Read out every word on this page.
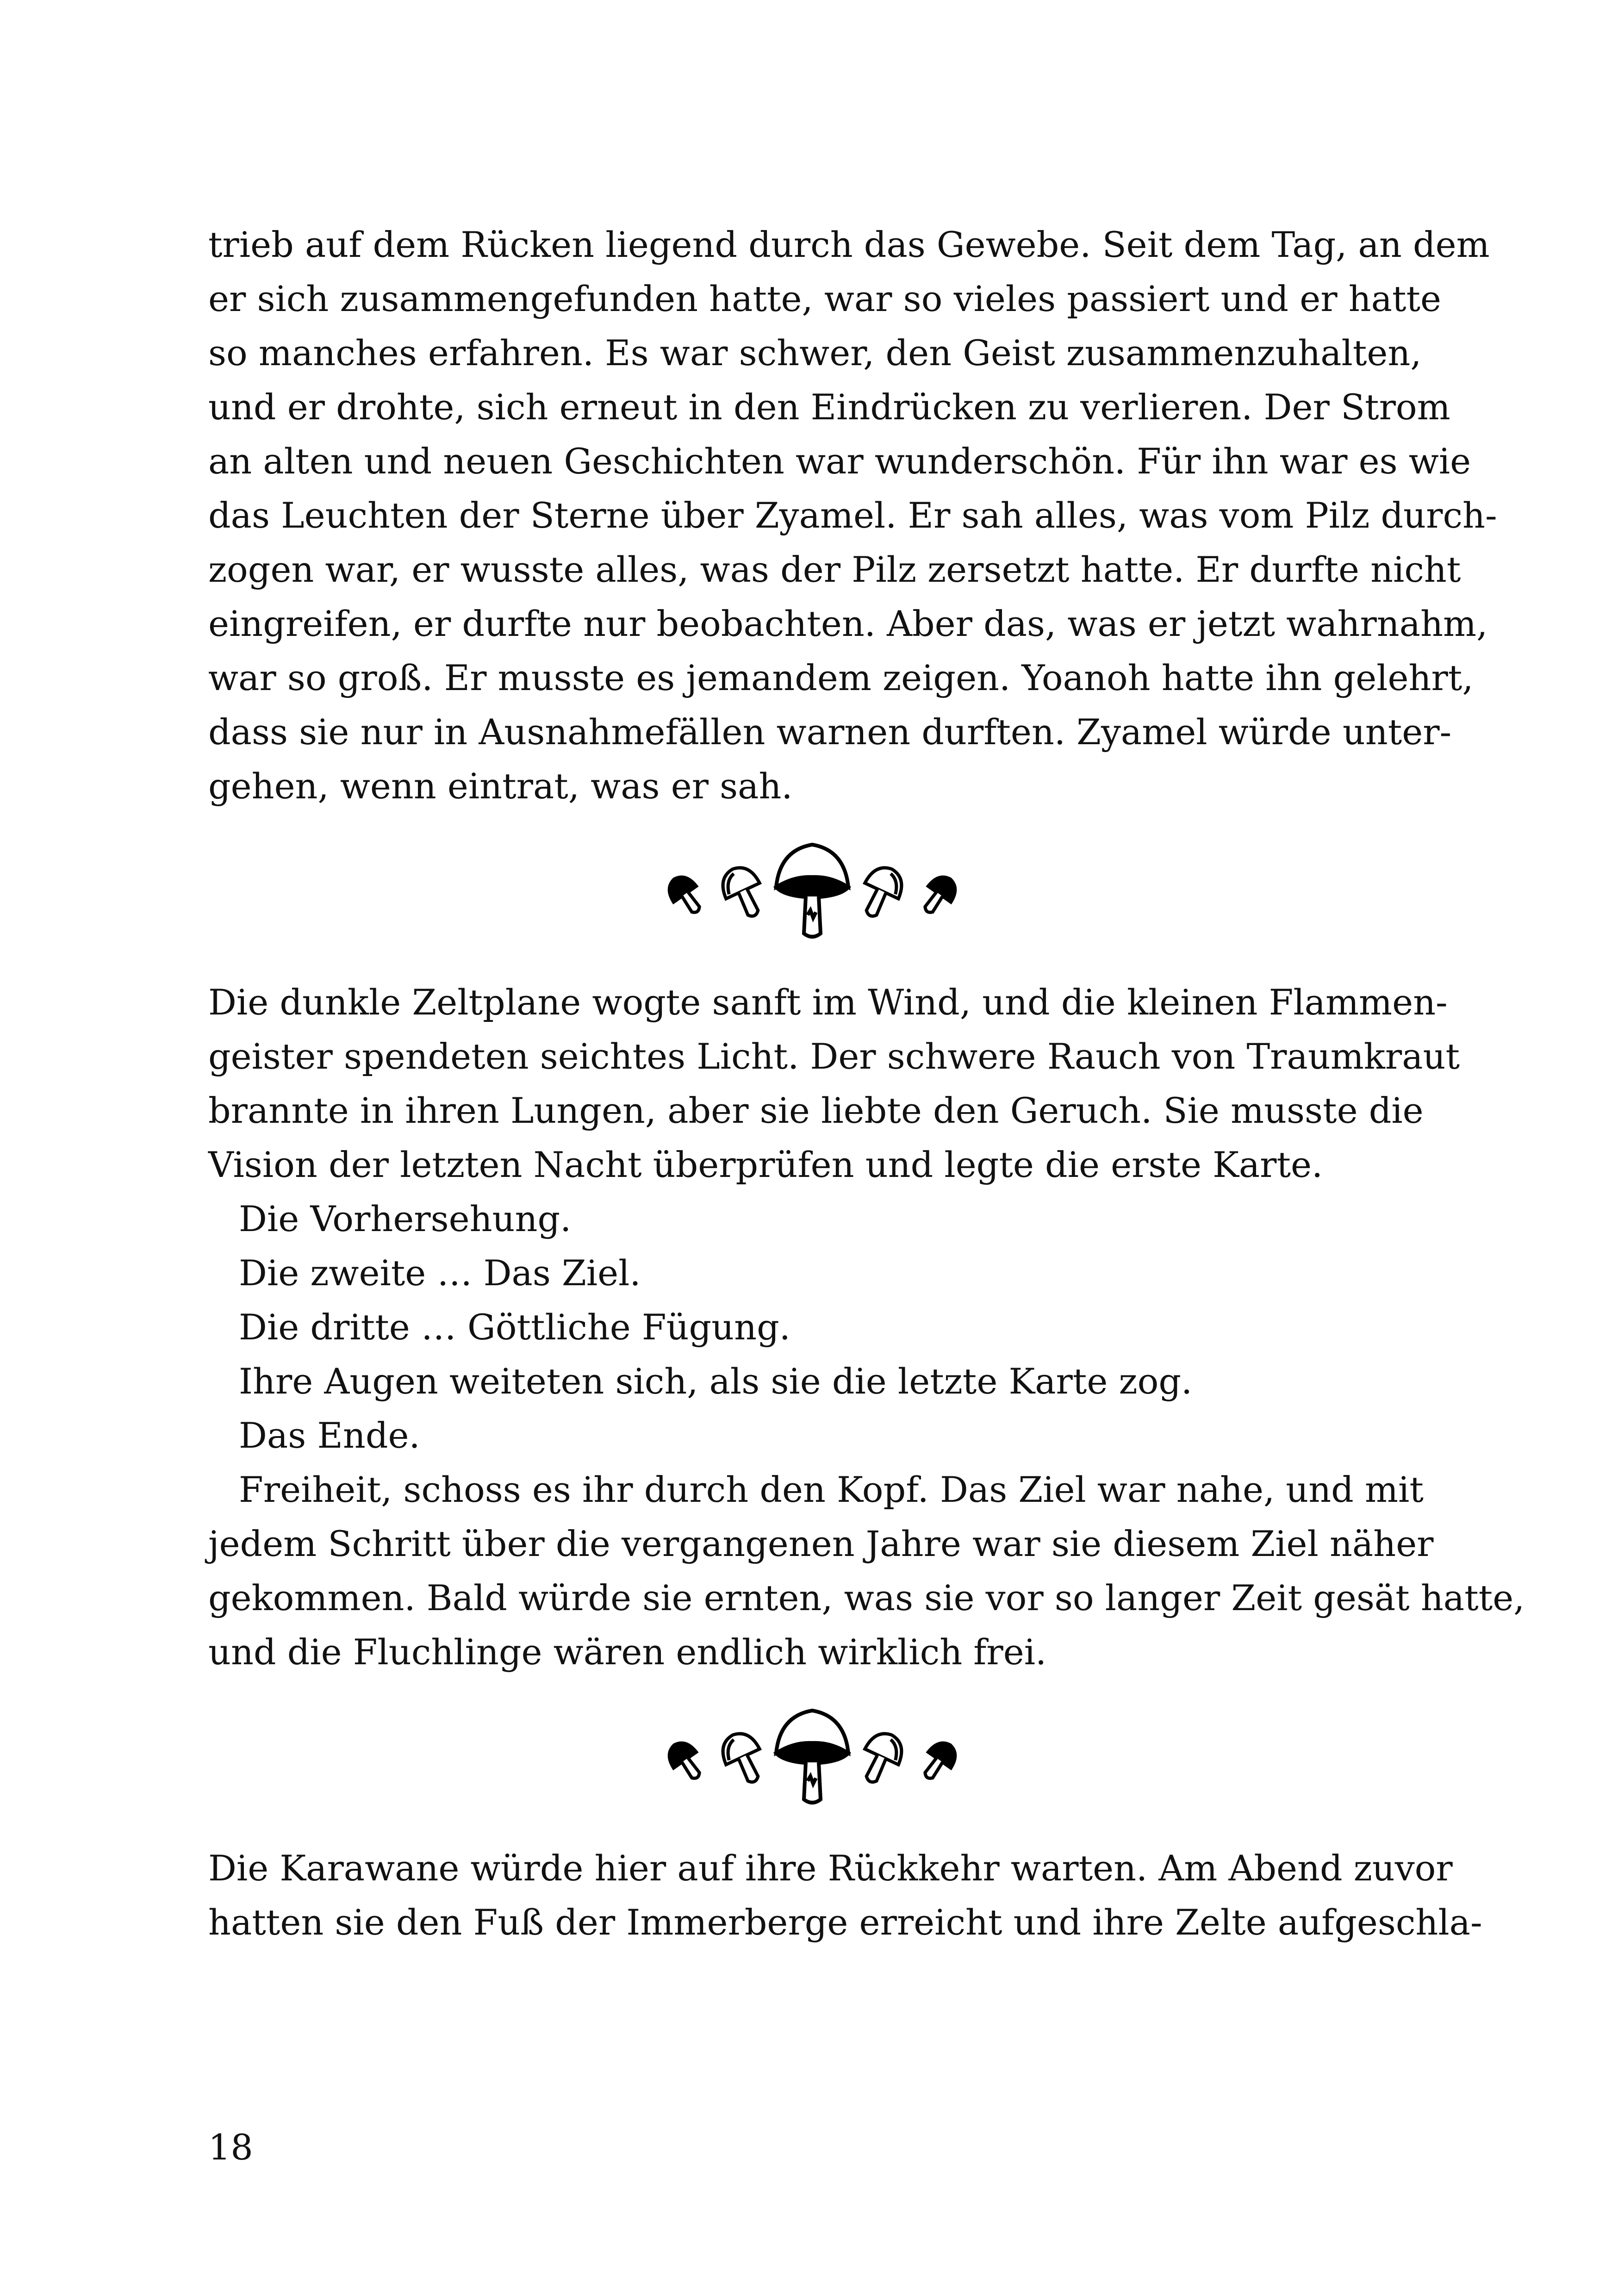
trieb auf dem Rücken liegend durch das Gewebe. Seit dem Tag, an dem
er sich zusammengefunden hatte, war so vieles passiert und er hatte
so manches erfahren. Es war schwer, den Geist zusammenzuhalten,
und er drohte, sich erneut in den Eindrücken zu verlieren. Der Strom
an alten und neuen Geschichten war wunderschön. Für ihn war es wie
das Leuchten der Sterne über Zyamel. Er sah alles, was vom Pilz durch-
zogen war, er wusste alles, was der Pilz zersetzt hatte. Er durfte nicht
eingreifen, er durfte nur beobachten. Aber das, was er jetzt wahrnahm,
war so groß. Er musste es jemandem zeigen. Yoanoh hatte ihn gelehrt,
dass sie nur in Ausnahmefällen warnen durften. Zyamel würde unter-
gehen, wenn eintrat, was er sah.
Die dunkle Zeltplane wogte sanft im Wind, und die kleinen Flammen-
geister spendeten seichtes Licht. Der schwere Rauch von Traumkraut
brannte in ihren Lungen, aber sie liebte den Geruch. Sie musste die
Vision der letzten Nacht überprüfen und legte die erste Karte.
Die Vorhersehung.
Die zweite … Das Ziel.
Die dritte … Göttliche Fügung.
Ihre Augen weiteten sich, als sie die letzte Karte zog.
Das Ende.
Freiheit, schoss es ihr durch den Kopf. Das Ziel war nahe, und mit
jedem Schritt über die vergangenen Jahre war sie diesem Ziel näher
gekommen. Bald würde sie ernten, was sie vor so langer Zeit gesät hatte,
und die Fluchlinge wären endlich wirklich frei.
Die Karawane würde hier auf ihre Rückkehr warten. Am Abend zuvor
hatten sie den Fuß der Immerberge erreicht und ihre Zelte aufgeschla-
18
